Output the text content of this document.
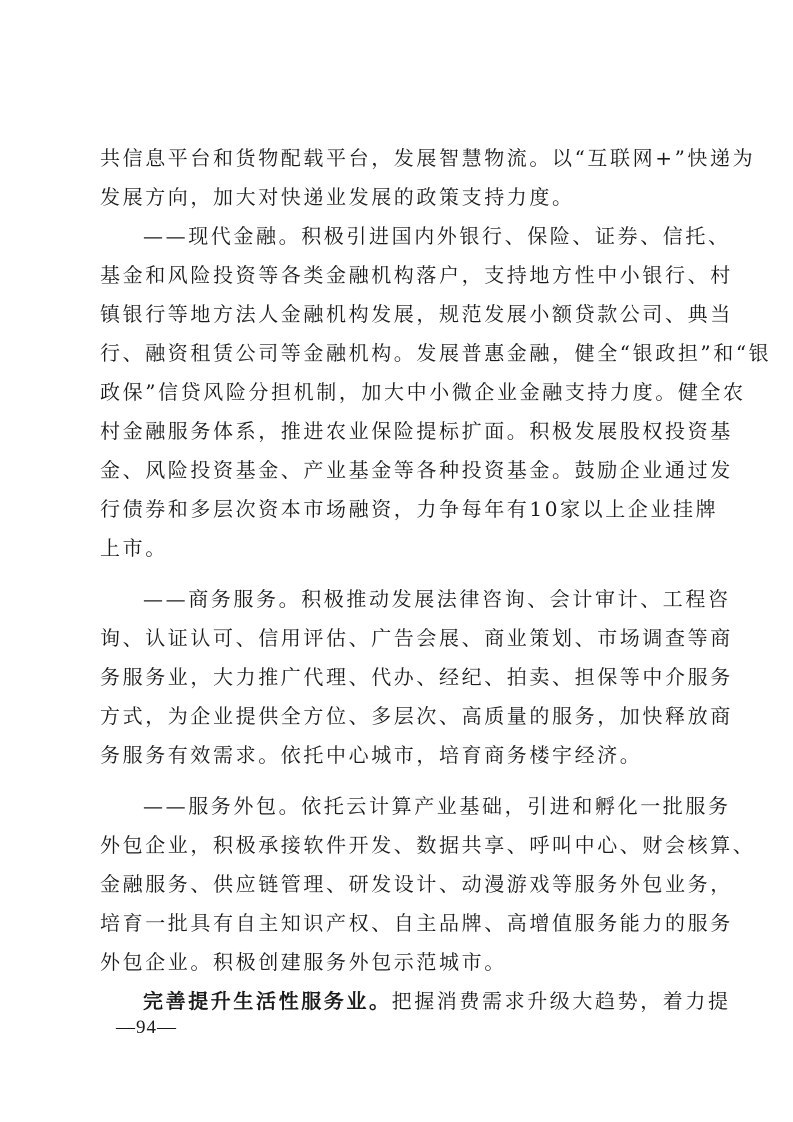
共信息平台和货物配载平台，发展智慧物流。以“互联网+”快递为
发展方向，加大对快递业发展的政策支持力度。
——现代金融。积极引进国内外银行、保险、证券、信托、
基金和风险投资等各类金融机构落户，支持地方性中小银行、村
镇银行等地方法人金融机构发展，规范发展小额贷款公司、典当
行、融资租赁公司等金融机构。发展普惠金融，健全“银政担”和“银
政保”信贷风险分担机制，加大中小微企业金融支持力度。健全农
村金融服务体系，推进农业保险提标扩面。积极发展股权投资基
金、风险投资基金、产业基金等各种投资基金。鼓励企业通过发
行债券和多层次资本市场融资，力争每年有10家以上企业挂牌
上市。
——商务服务。积极推动发展法律咨询、会计审计、工程咨
询、认证认可、信用评估、广告会展、商业策划、市场调查等商
务服务业，大力推广代理、代办、经纪、拍卖、担保等中介服务
方式，为企业提供全方位、多层次、高质量的服务，加快释放商
务服务有效需求。依托中心城市，培育商务楼宇经济。
——服务外包。依托云计算产业基础，引进和孵化一批服务
外包企业，积极承接软件开发、数据共享、呼叫中心、财会核算、
金融服务、供应链管理、研发设计、动漫游戏等服务外包业务，
培育一批具有自主知识产权、自主品牌、高增值服务能力的服务
外包企业。积极创建服务外包示范城市。
完善提升生活性服务业。把握消费需求升级大趋势，着力提
—94—
